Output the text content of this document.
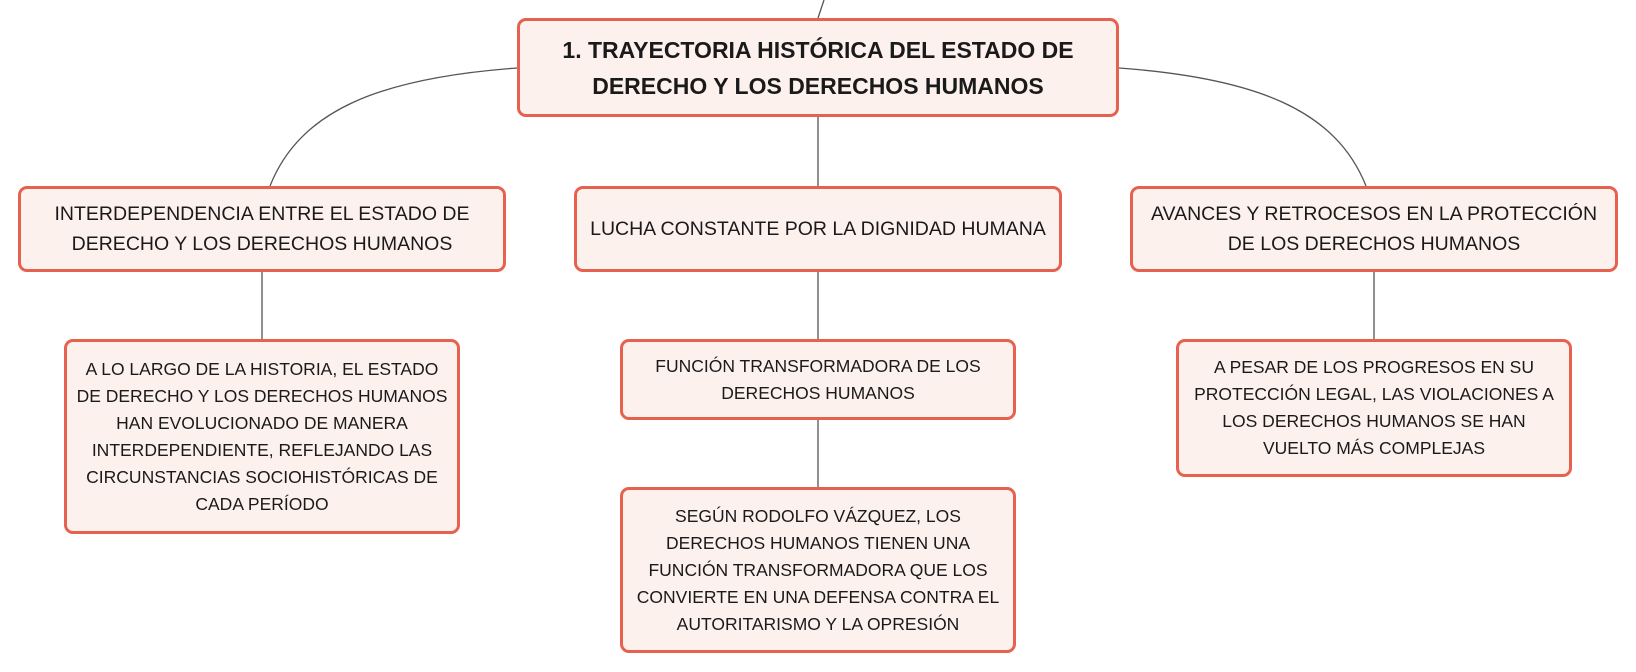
1. TRAYECTORIA HISTÓRICA DEL ESTADO DE DERECHO Y LOS DERECHOS HUMANOS
INTERDEPENDENCIA ENTRE EL ESTADO DE DERECHO Y LOS DERECHOS HUMANOS
LUCHA CONSTANTE POR LA DIGNIDAD HUMANA
AVANCES Y RETROCESOS EN LA PROTECCIÓN DE LOS DERECHOS HUMANOS
A LO LARGO DE LA HISTORIA, EL ESTADO DE DERECHO Y LOS DERECHOS HUMANOS HAN EVOLUCIONADO DE MANERA INTERDEPENDIENTE, REFLEJANDO LAS CIRCUNSTANCIAS SOCIOHISTÓRICAS DE CADA PERÍODO
FUNCIÓN TRANSFORMADORA DE LOS DERECHOS HUMANOS
A PESAR DE LOS PROGRESOS EN SU PROTECCIÓN LEGAL, LAS VIOLACIONES A LOS DERECHOS HUMANOS SE HAN VUELTO MÁS COMPLEJAS
SEGÚN RODOLFO VÁZQUEZ, LOS DERECHOS HUMANOS TIENEN UNA FUNCIÓN TRANSFORMADORA QUE LOS CONVIERTE EN UNA DEFENSA CONTRA EL AUTORITARISMO Y LA OPRESIÓN
